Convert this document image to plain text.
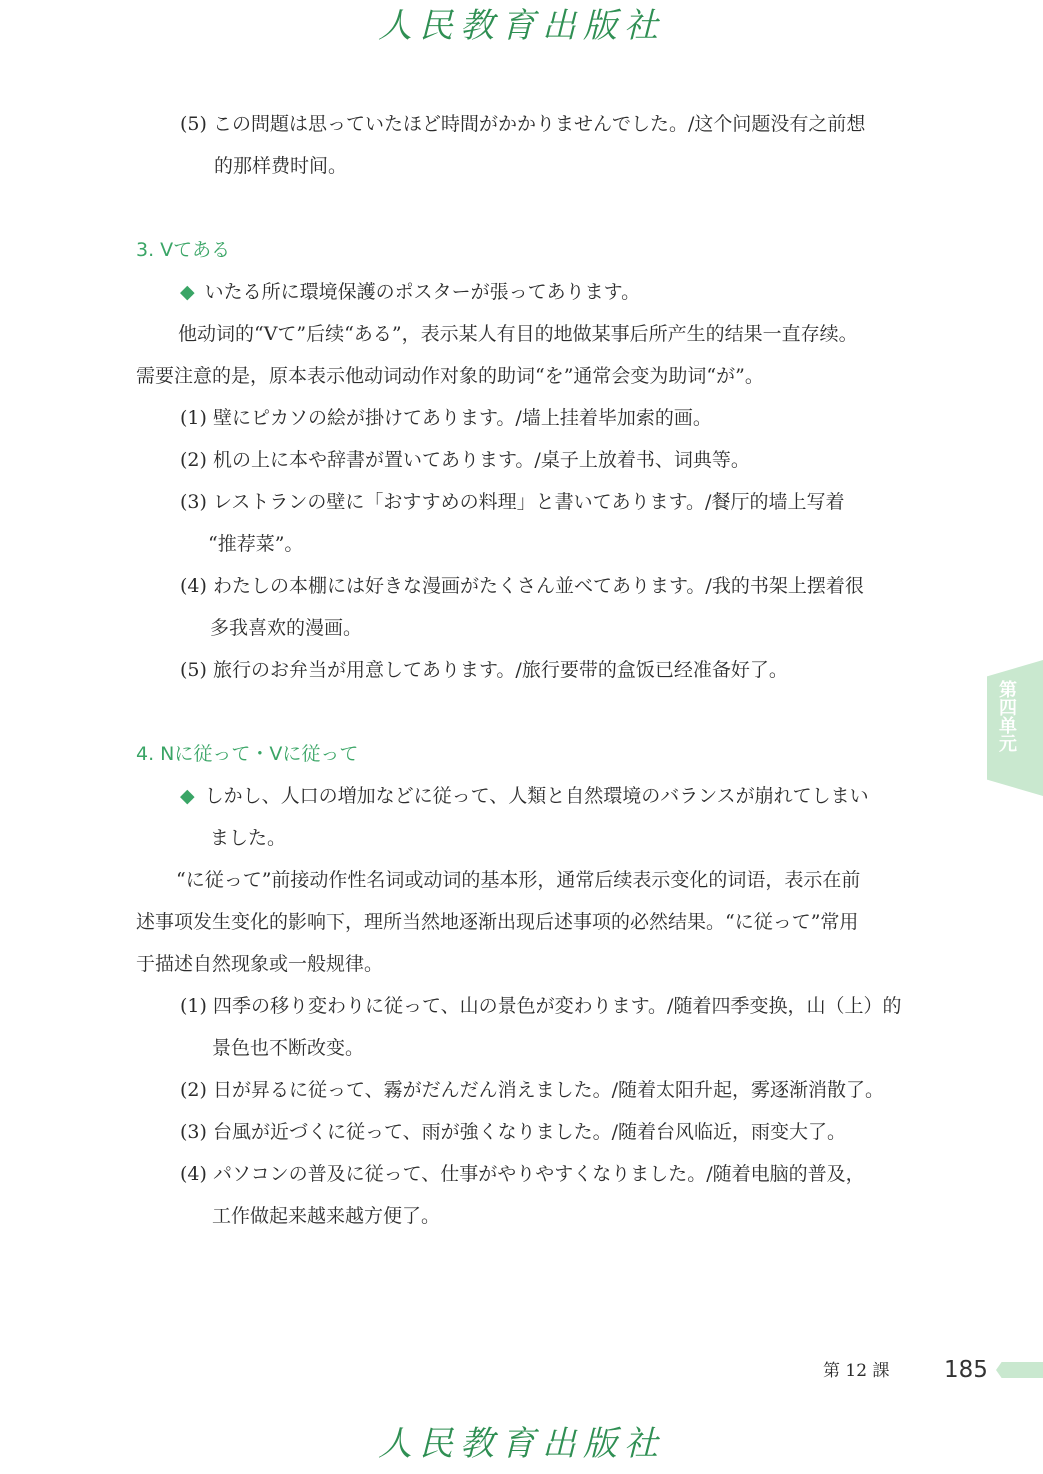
人民教育出版社
(5) この問題は思っていたほど時間がかかりませんでした。/这个问题没有之前想
的那样费时间。
3. Vてある
◆ いたる所に環境保護のポスターが張ってあります。
他动词的“Vて”后续“ある”，表示某人有目的地做某事后所产生的结果一直存续。
需要注意的是，原本表示他动词动作对象的助词“を”通常会变为助词“が”。
(1) 壁にピカソの絵が掛けてあります。/墙上挂着毕加索的画。
(2) 机の上に本や辞書が置いてあります。/桌子上放着书、词典等。
(3) レストランの壁に「おすすめの料理」と書いてあります。/餐厅的墙上写着
“推荐菜”。
(4) わたしの本棚には好きな漫画がたくさん並べてあります。/我的书架上摆着很
多我喜欢的漫画。
(5) 旅行のお弁当が用意してあります。/旅行要带的盒饭已经准备好了。
4. Nに従って・Vに従って
◆ しかし、人口の増加などに従って、人類と自然環境のバランスが崩れてしまい
ました。
“に従って”前接动作性名词或动词的基本形，通常后续表示变化的词语，表示在前
述事项发生变化的影响下，理所当然地逐渐出现后述事项的必然结果。“に従って”常用
于描述自然现象或一般规律。
(1) 四季の移り変わりに従って、山の景色が変わります。/随着四季变换，山（上）的
景色也不断改变。
(2) 日が昇るに従って、霧がだんだん消えました。/随着太阳升起，雾逐渐消散了。
(3) 台風が近づくに従って、雨が強くなりました。/随着台风临近，雨变大了。
(4) パソコンの普及に従って、仕事がやりやすくなりました。/随着电脑的普及，
工作做起来越来越方便了。
第四单元
第 12 課 185
人民教育出版社
